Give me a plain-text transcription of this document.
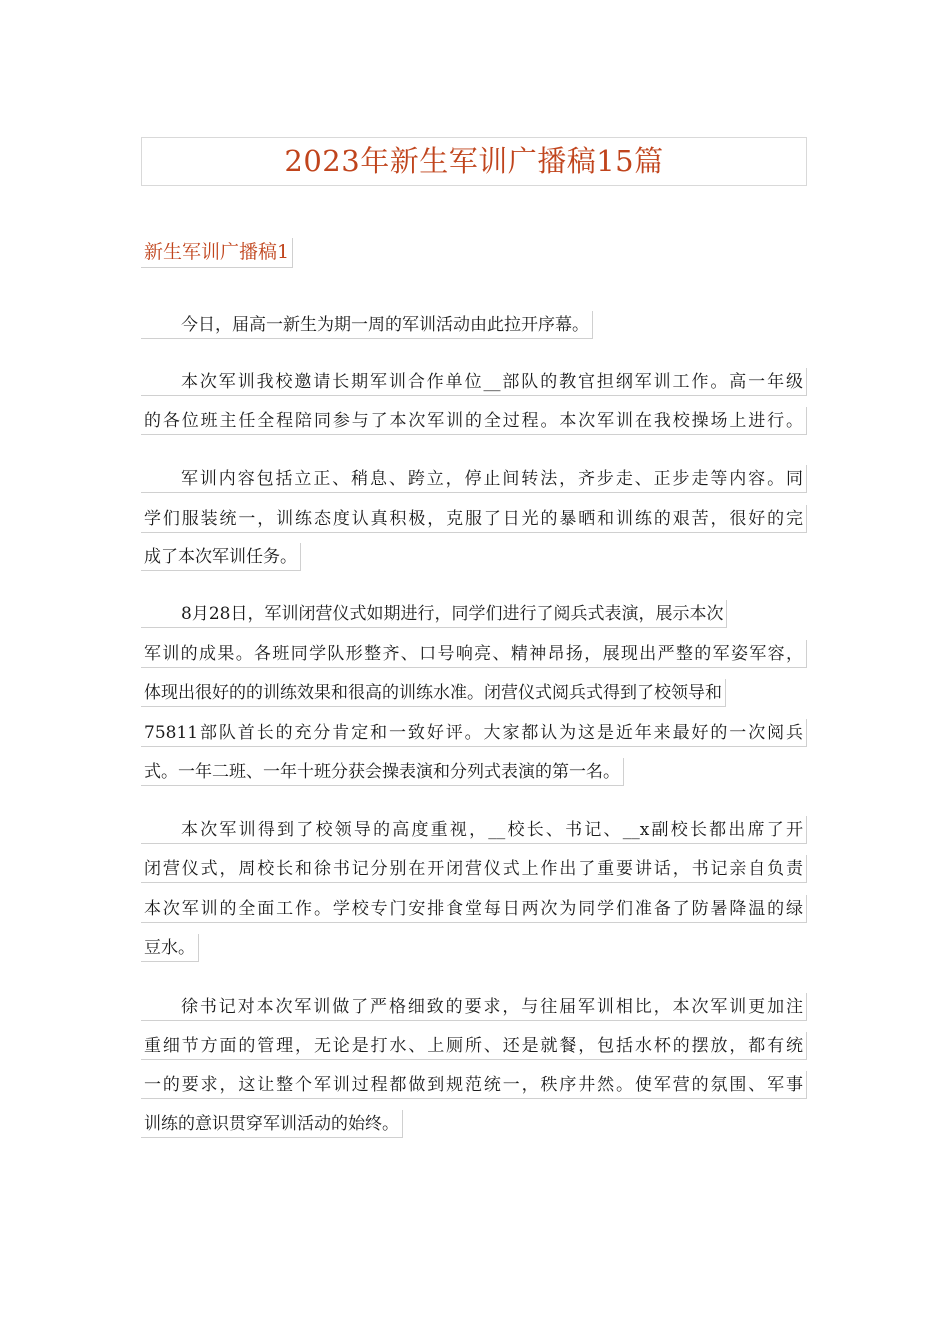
2023年新生军训广播稿15篇
新生军训广播稿1
今日，届高一新生为期一周的军训活动由此拉开序幕。
本次军训我校邀请长期军训合作单位__部队的教官担纲军训工作。高一年级
的各位班主任全程陪同参与了本次军训的全过程。本次军训在我校操场上进行。
军训内容包括立正、稍息、跨立，停止间转法，齐步走、正步走等内容。同
学们服装统一，训练态度认真积极，克服了日光的暴晒和训练的艰苦，很好的完
成了本次军训任务。
8月28日，军训闭营仪式如期进行，同学们进行了阅兵式表演，展示本次
军训的成果。各班同学队形整齐、口号响亮、精神昂扬，展现出严整的军姿军容，
体现出很好的的训练效果和很高的训练水准。闭营仪式阅兵式得到了校领导和
75811部队首长的充分肯定和一致好评。大家都认为这是近年来最好的一次阅兵
式。一年二班、一年十班分获会操表演和分列式表演的第一名。
本次军训得到了校领导的高度重视，__校长、书记、__x副校长都出席了开
闭营仪式，周校长和徐书记分别在开闭营仪式上作出了重要讲话，书记亲自负责
本次军训的全面工作。学校专门安排食堂每日两次为同学们准备了防暑降温的绿
豆水。
徐书记对本次军训做了严格细致的要求，与往届军训相比，本次军训更加注
重细节方面的管理，无论是打水、上厕所、还是就餐，包括水杯的摆放，都有统
一的要求，这让整个军训过程都做到规范统一，秩序井然。使军营的氛围、军事
训练的意识贯穿军训活动的始终。
